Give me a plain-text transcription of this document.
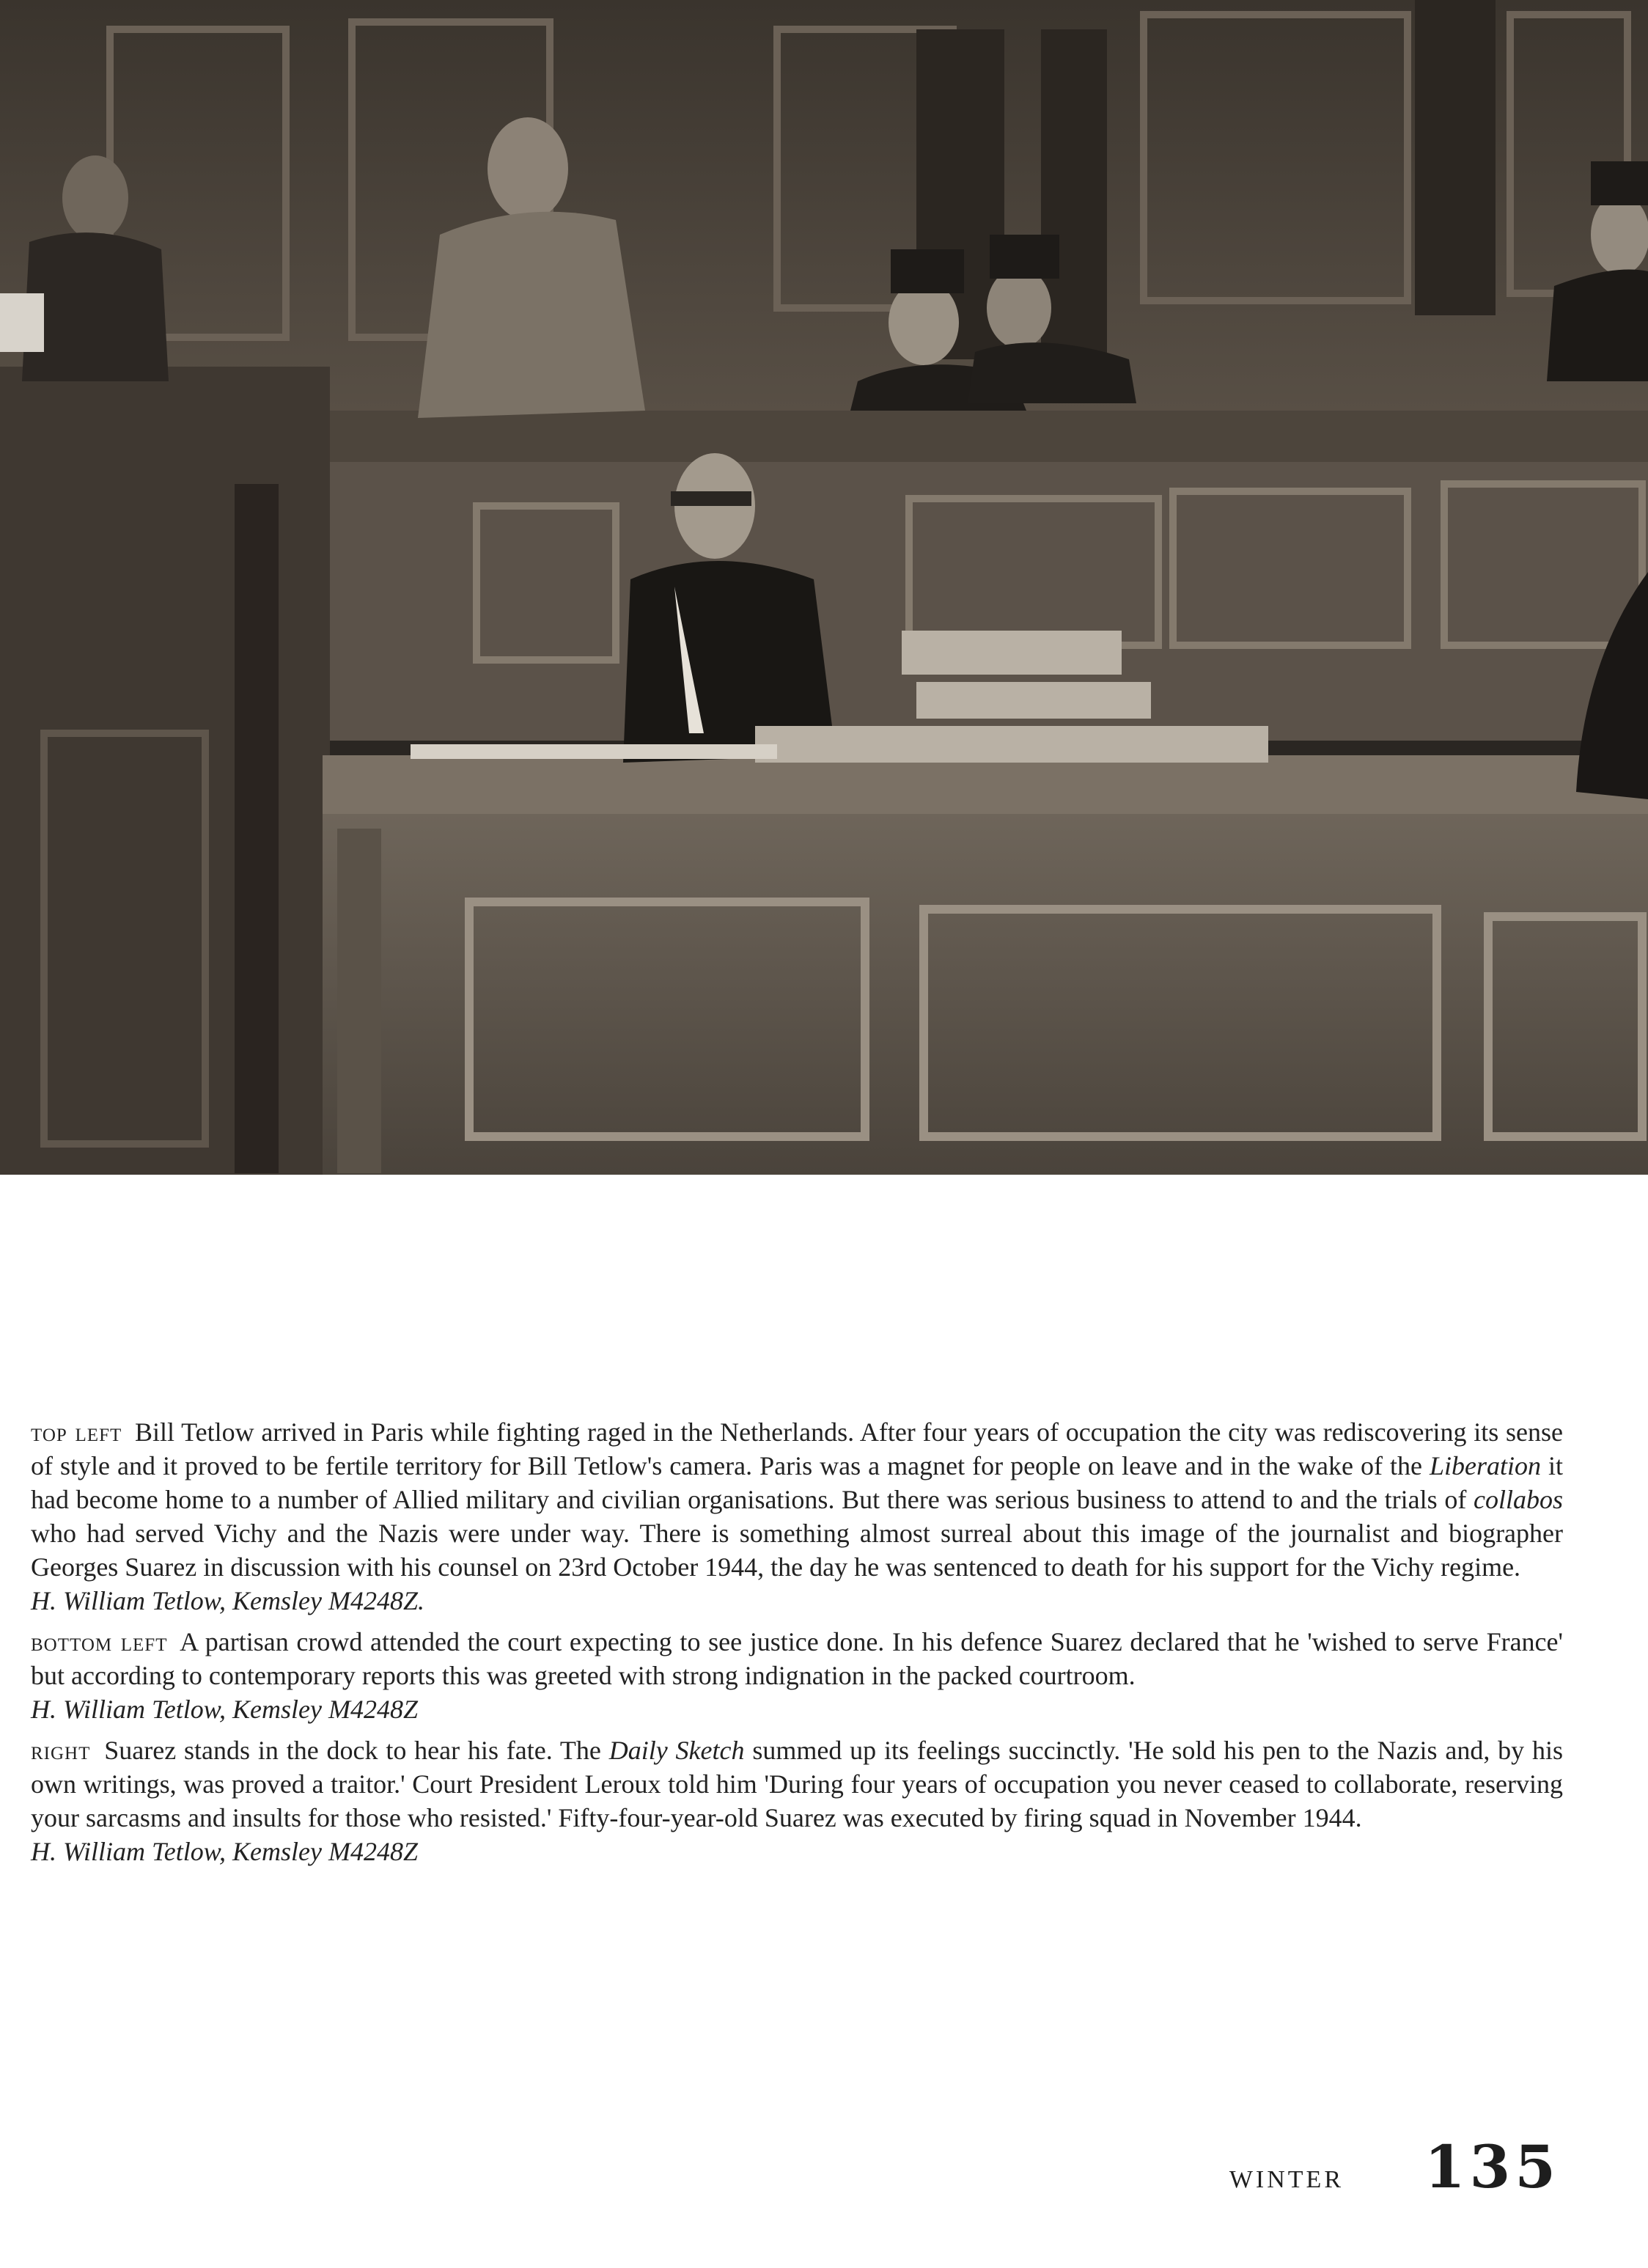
top left Bill Tetlow arrived in Paris while fighting raged in the Netherlands. After four years of occupation the city was rediscovering its sense of style and it proved to be fertile territory for Bill Tetlow's camera. Paris was a magnet for people on leave and in the wake of the Liberation it had become home to a number of Allied military and civilian organisations. But there was serious business to attend to and the trials of collabos who had served Vichy and the Nazis were under way. There is something almost surreal about this image of the journalist and biographer Georges Suarez in discussion with his counsel on 23rd October 1944, the day he was sentenced to death for his support for the Vichy regime.

H. William Tetlow, Kemsley M4248Z.

bottom left A partisan crowd attended the court expecting to see justice done. In his defence Suarez declared that he 'wished to serve France' but according to contemporary reports this was greeted with strong indignation in the packed courtroom.

H. William Tetlow, Kemsley M4248Z

right Suarez stands in the dock to hear his fate. The Daily Sketch summed up its feelings succinctly. 'He sold his pen to the Nazis and, by his own writings, was proved a traitor.' Court President Leroux told him 'During four years of occupation you never ceased to collaborate, reserving your sarcasms and insults for those who resisted.' Fifty-four-year-old Suarez was executed by firing squad in November 1944.

H. William Tetlow, Kemsley M4248Z

WINTER 135
